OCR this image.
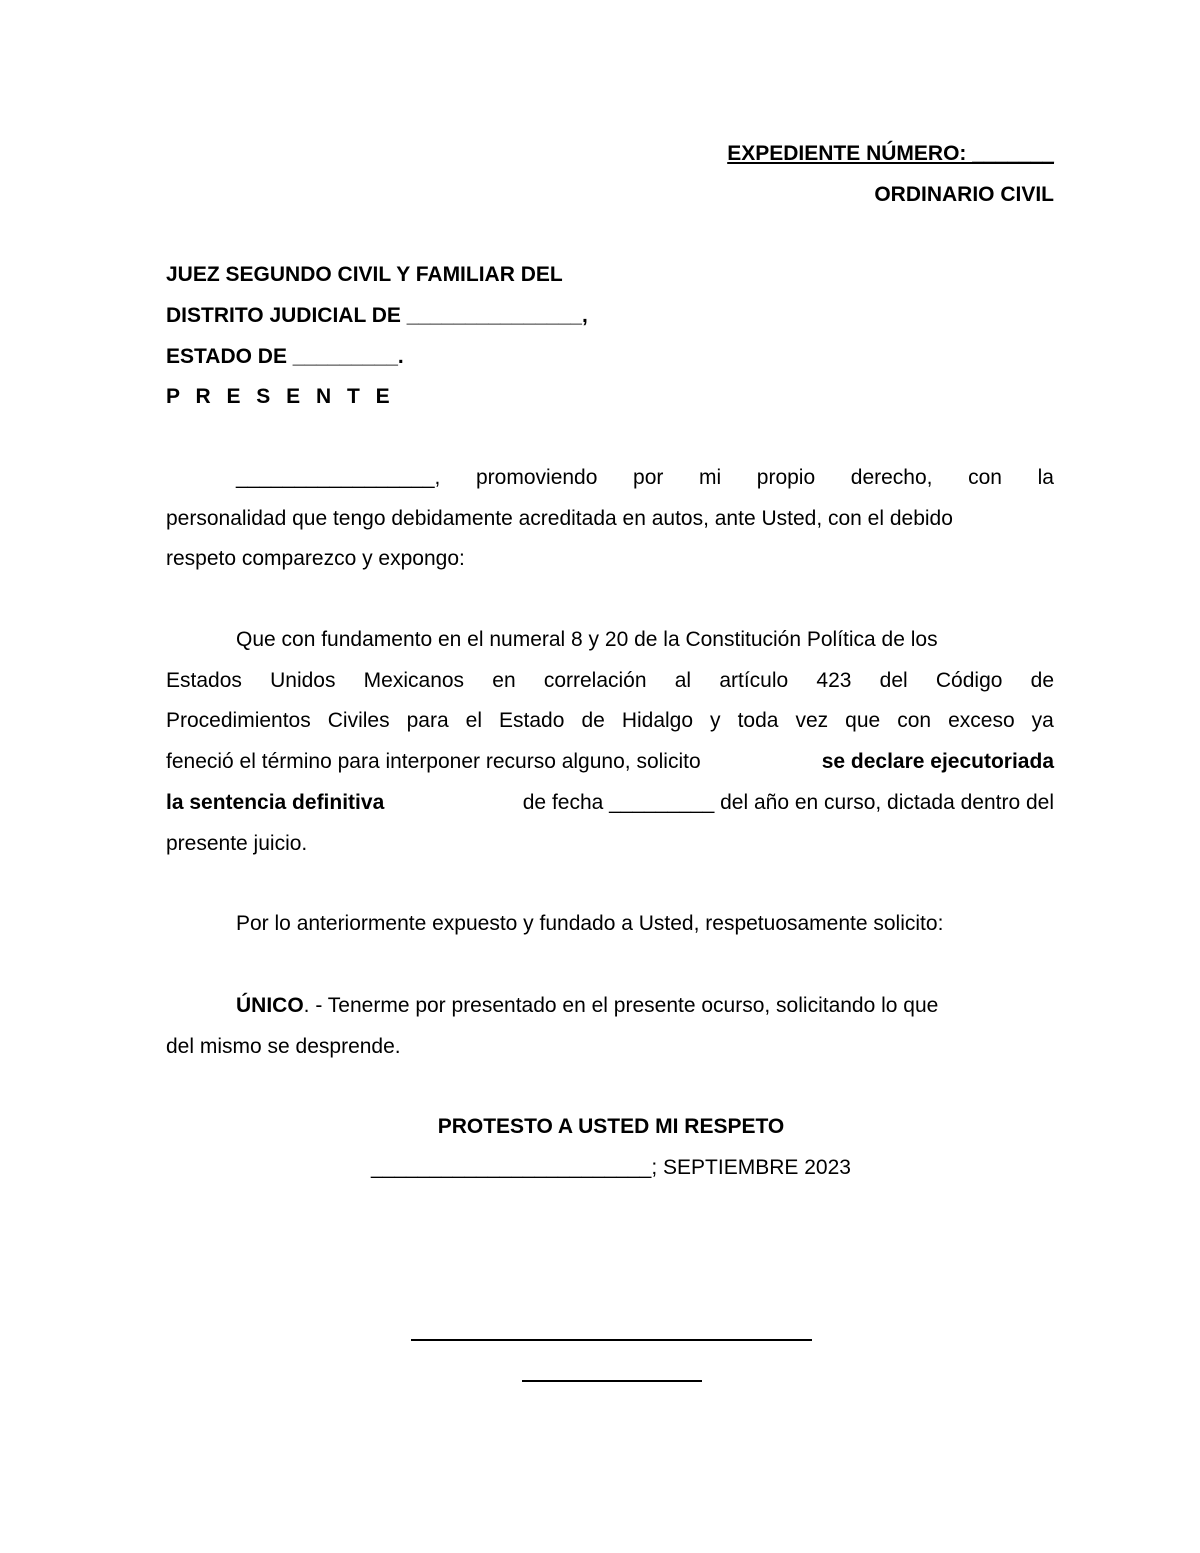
EXPEDIENTE NÚMERO: _______
ORDINARIO CIVIL
JUEZ SEGUNDO CIVIL Y FAMILIAR DEL
DISTRITO JUDICIAL DE _______________,
ESTADO DE _________.
P R E S E N T E
_________________, promoviendo por mi propio derecho, con la
personalidad que tengo debidamente acreditada en autos, ante Usted, con el debido
respeto comparezco y expongo:
Que con fundamento en el numeral 8 y 20 de la Constitución Política de los
Estados Unidos Mexicanos en correlación al artículo 423 del Código de
Procedimientos Civiles para el Estado de Hidalgo y toda vez que con exceso ya
feneció el término para interponer recurso alguno, solicito	se declare ejecutoriada
la sentencia definitiva	de fecha _________ del año en curso, dictada dentro del
presente juicio.
Por lo anteriormente expuesto y fundado a Usted, respetuosamente solicito:
ÚNICO. - Tenerme por presentado en el presente ocurso, solicitando lo que
del mismo se desprende.
PROTESTO A USTED MI RESPETO
________________________; SEPTIEMBRE 2023
